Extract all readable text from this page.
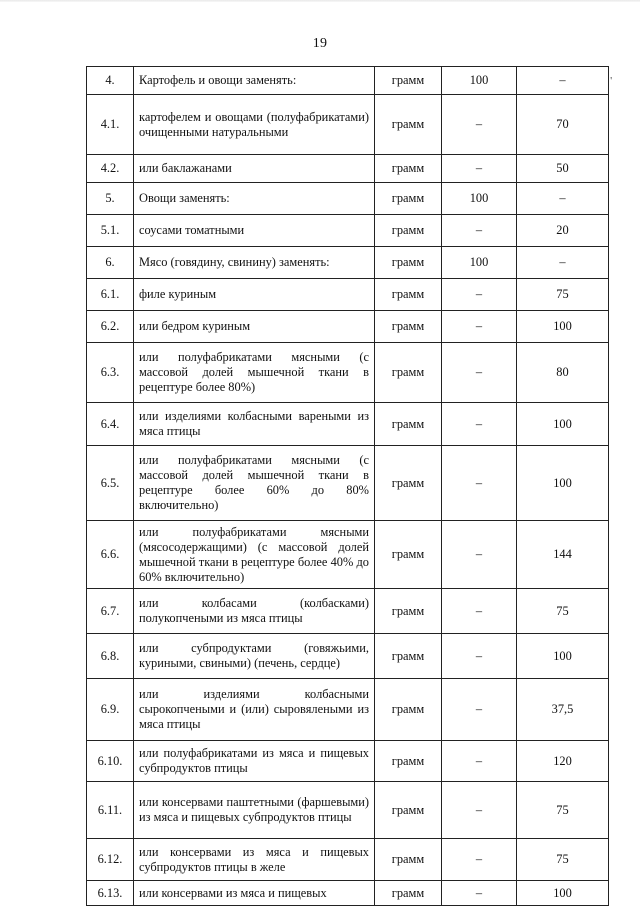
19
'
4.	Картофель и овощи заменять:	грамм	100	–
4.1.	картофелем и овощами (полуфабрикатами) очищенными натуральными	грамм	–	70
4.2.	или баклажанами	грамм	–	50
5.	Овощи заменять:	грамм	100	–
5.1.	соусами томатными	грамм	–	20
6.	Мясо (говядину, свинину) заменять:	грамм	100	–
6.1.	филе куриным	грамм	–	75
6.2.	или бедром куриным	грамм	–	100
6.3.	или полуфабрикатами мясными (с массовой долей мышечной ткани в рецептуре более 80%)	грамм	–	80
6.4.	или изделиями колбасными вареными из мяса птицы	грамм	–	100
6.5.	или полуфабрикатами мясными (с массовой долей мышечной ткани в рецептуре более 60% до 80% включительно)	грамм	–	100
6.6.	или полуфабрикатами мясными (мясосодержащими) (с массовой долей мышечной ткани в рецептуре более 40% до 60% включительно)	грамм	–	144
6.7.	или колбасами (колбасками) полукопчеными из мяса птицы	грамм	–	75
6.8.	или субпродуктами (говяжьими, куриными, свиными) (печень, сердце)	грамм	–	100
6.9.	или изделиями колбасными сырокопчеными и (или) сыровялеными из мяса птицы	грамм	–	37,5
6.10.	или полуфабрикатами из мяса и пищевых субпродуктов птицы	грамм	–	120
6.11.	или консервами паштетными (фаршевыми) из мяса и пищевых субпродуктов птицы	грамм	–	75
6.12.	или консервами из мяса и пищевых субпродуктов птицы в желе	грамм	–	75
6.13.	или консервами из мяса и пищевых	грамм	–	100
